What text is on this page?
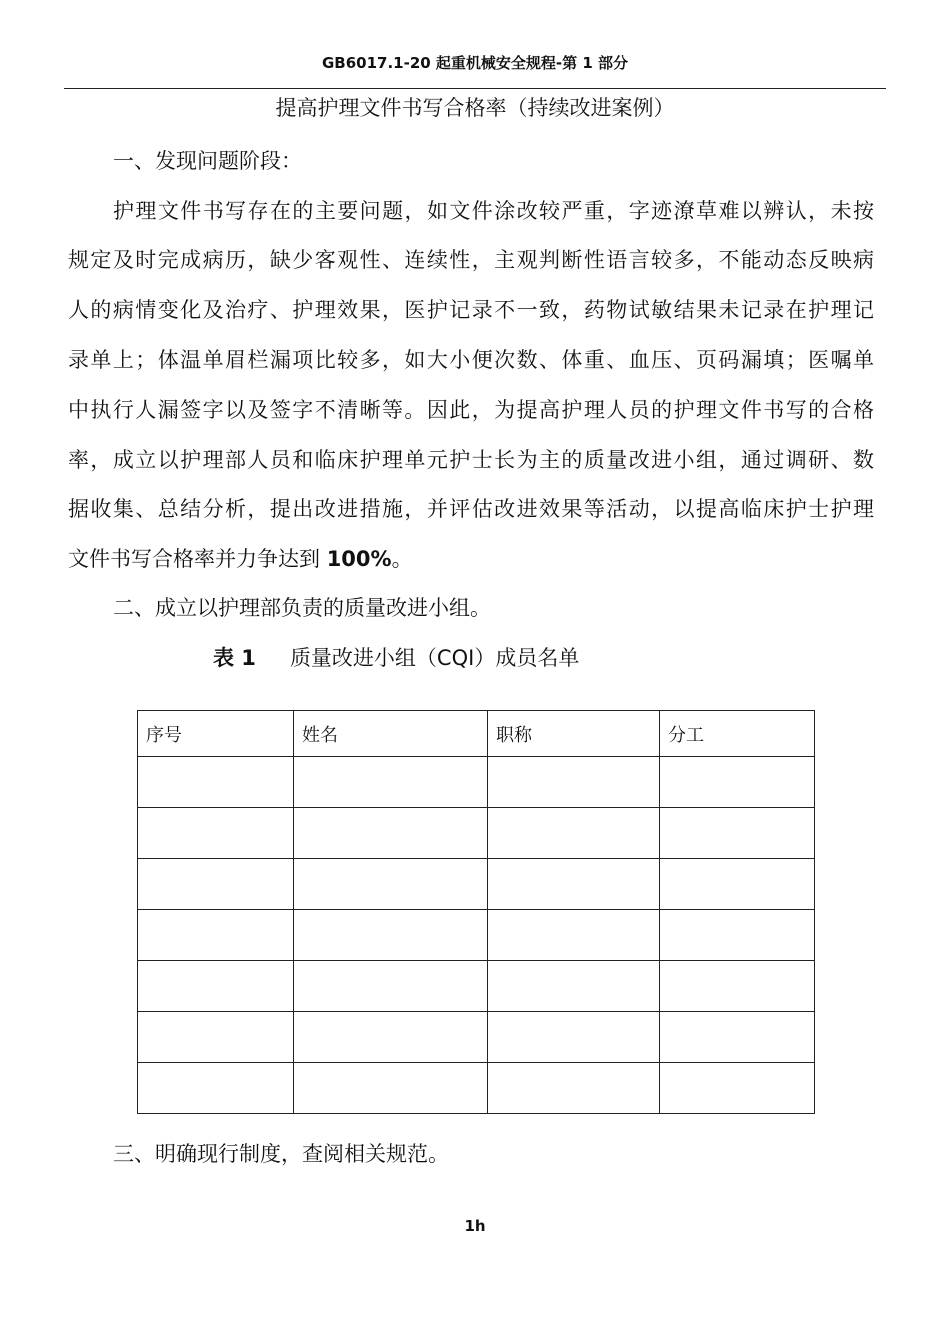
GB6017.1-20 起重机械安全规程-第 1 部分
提高护理文件书写合格率（持续改进案例）
一、发现问题阶段：
护理文件书写存在的主要问题，如文件涂改较严重，字迹潦草难以辨认，未按
规定及时完成病历，缺少客观性、连续性，主观判断性语言较多，不能动态反映病
人的病情变化及治疗、护理效果，医护记录不一致，药物试敏结果未记录在护理记
录单上；体温单眉栏漏项比较多，如大小便次数、体重、血压、页码漏填；医嘱单
中执行人漏签字以及签字不清晰等。因此，为提高护理人员的护理文件书写的合格
率，成立以护理部人员和临床护理单元护士长为主的质量改进小组，通过调研、数
据收集、总结分析，提出改进措施，并评估改进效果等活动，以提高临床护士护理
文件书写合格率并力争达到 100%。
二、成立以护理部负责的质量改进小组。
表 1 质量改进小组（CQI）成员名单
序号	姓名	职称	分工

三、明确现行制度，查阅相关规范。
1h
